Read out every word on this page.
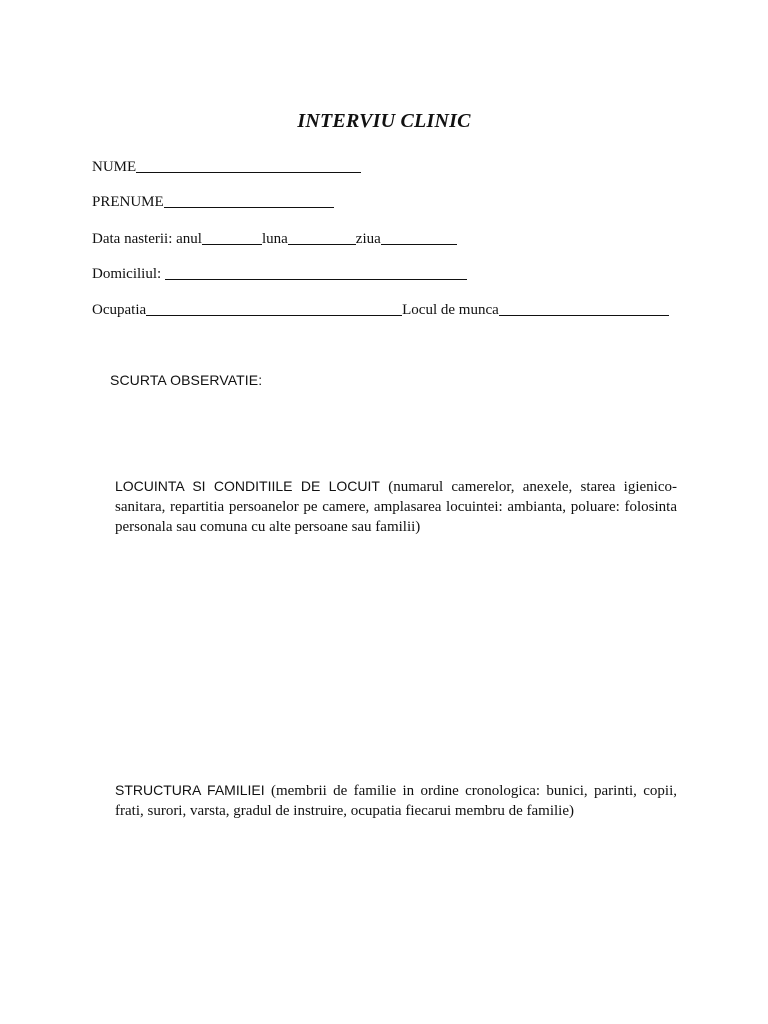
INTERVIU CLINIC
NUME
PRENUME
Data nasterii: anul	luna	ziua
Domiciliul:
Ocupatia	Locul de munca
SCURTA OBSERVATIE:
LOCUINTA SI CONDITIILE DE LOCUIT (numarul camerelor, anexele, starea igienico-sanitara, repartitia persoanelor pe camere, amplasarea locuintei: ambianta, poluare: folosinta personala sau comuna cu alte persoane sau familii)
STRUCTURA FAMILIEI (membrii de familie in ordine cronologica: bunici, parinti, copii, frati, surori, varsta, gradul de instruire, ocupatia fiecarui membru de familie)
